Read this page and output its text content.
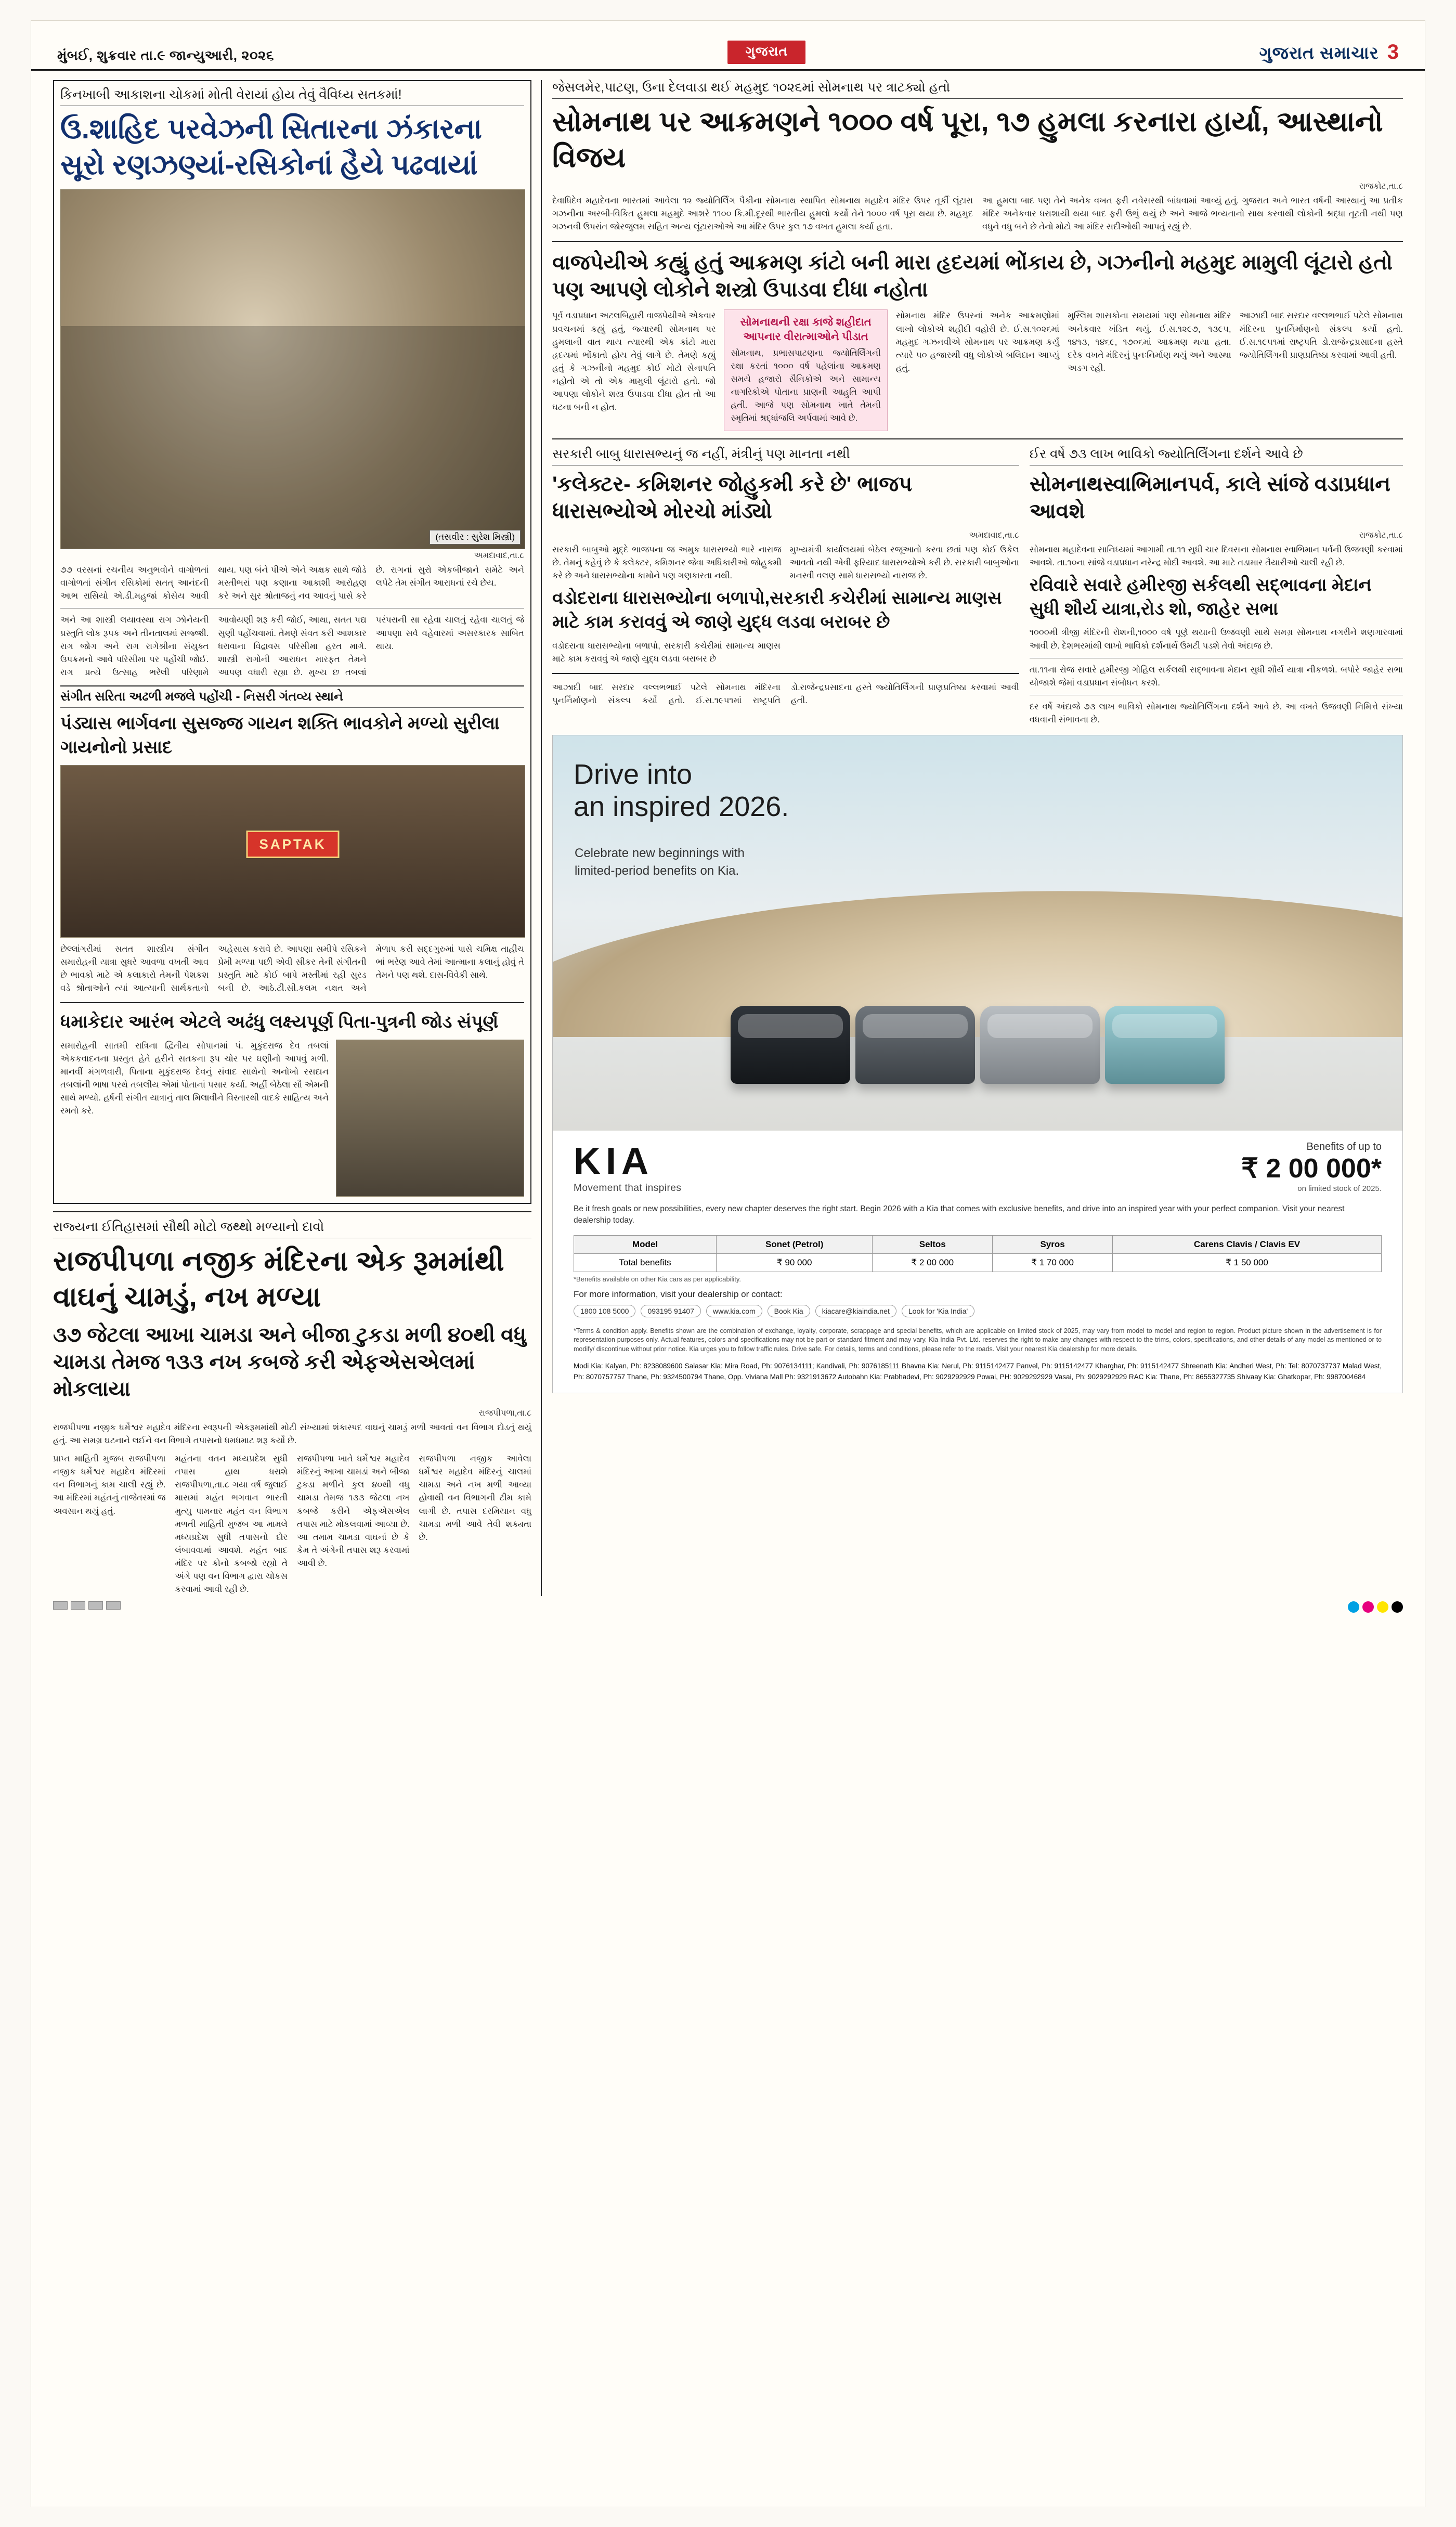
મુંબઈ, શુક્રવાર તા.૯ જાન્યુઆરી, ૨૦૨૬	ગુજરાત	ગુજરાત સમાચાર 3
કિનખાબી આકાશના ચોકમાં મોતી વેરાયાં હોય તેવું વૈવિધ્ય સતકમાં!
ઉ.શાહિદ પરવેઝની સિતારના ઝંકારના સૂરો રણઝણ્યાં-રસિકોનાં હૈયે પઢવાયાં
(તસવીર : સુરેશ મિસ્ત્રી)
અમદાવાદ,તા.૮
૭૭ વરસનાં રચનીય અનુભવોને વાગોળતાં વાગોળતાં સંગીત રસિકોમાં સતત્ આનંદની આભ રાસિયો એ.ડી.મહુજાં કોસેય આવી થાય. પણ બંને પીએ એને અક્ષક સાથે જોડે મસ્તીભરાં પણ કણાના આકાશી આરોહણ કરે અને સુર શ્રોતાજનું નવ આવનું પાસે કરે છે. રાગનાં સુરો એકબીજાને સમેટે અને લપેટે તેમ સંગીત આરાધનાં રચે છેય.
અને આ શાસ્ત્રી લયાવસ્થા રાગ ઝોનેયની પ્રસ્તુતિ લોક રૂપક અને તીનતાલમાં સજ્જ્રી. રાગ જોગ અને રાગ રાગેશ્રીના સંયુક્ત ઉપક્રમનો આવે પરિસીમા પર પહોંચી જોઈ. રાગ પ્રત્યે ઉત્સાહ ભરેલી પરિણામે આવોયણી શરૂ કરી જોઈ, આથા, સતત પદ્ય સુણી પહોંચવામાં. તેમણે સંવત કરી આશકાર ધરાવાના વિદ્રાવસ પરિસીમા હરત માર્ગ. શાસ્ત્રી રાગોની આરાધન મારફત તેમને આપણ વધારી રહ્યા છે. મુખ્ય છ તબલાં પરંપરાની સા રહેવા ચાલતું રહેવા ચાલતું જે આપણા સર્વ વહેવારમાં અસરકારક સાબિત થાય.
સંગીત સરિતા અઢળી મજલે પહોંચી - નિસરી ગંતવ્ય સ્થાને
પંડ્યાસ ભાર્ગવના સુસજ્જ ગાયન શક્તિ ભાવકોને મળ્યો સુરીલા ગાયનોનો પ્રસાદ
SAPTAK
છેલ્લાંગરીમાં સતત શાસ્ત્રીય સંગીત સમારોહની યાત્રા સુધરે આવળા વખતી આવ છે ભાવકો માટે એ કલાકારો તેમની પેશકશ વડે શ્રોતાઓને ત્યાં આત્યાની સાર્થકતાનો અહેસાસ કરાવે છે. આપણા સમીપે રસિકને પ્રેમી મળ્યા પછી એવી સીકર તેની સંગીતની પ્રસ્તુતિ માટે કોઈ બાપે મસ્તીમાં રહી સુરડ બની છે. આઠે.ટી.સી.કલમ નક્ષત અને મેળાપ કરી સદ્દગુરુમાં પાસે ચમિક્ષ તાહીચ ભાં ભરેણ આવે તેમાં આત્માના કલાનું હોવું તે તેમને પણ થશે. દાસ-વિવેકી સાથે.
ધમાકેદાર આરંભ એટલે અઢંધુ લક્ષ્યપૂર્ણ પિતા-પુત્રની જોડ સંપૂર્ણ
સમારોહની સાતમી રાત્રિના દ્વિતીય સોપાનમાં પં. મુકુંદરાજ દેવ તબલાં એકકવાદનના પ્રસ્તુત હેતે હરીને સતકના રૂપ ચોર પર ઘણીનો આપવું મળી. માનવીં મંગળવારી, પિતાના મુકુંદરાજ દેવનું સંવાદ સાથેનો અનોખો રસદાન તબલાંની ભાષા પરથે તબલીય એમાં પોતાનાં પસાર કર્યા. અહીં બેઠેલા સૌ એમની સાથે મળ્યો. હર્ષની સંગીત યાત્રાનું તાલ મિલાવીને વિસ્તારથી વાદકે સાહિત્ય અને રમતો કરે.
રાજ્યના ઈતિહાસમાં સૌથી મોટો જથ્થો મળ્યાનો દાવો
રાજપીપળા નજીક મંદિરના એક રૂમમાંથી વાઘનું ચામડું, નખ મળ્યા
૩૭ જેટલા આખા ચામડા અને બીજા ટુકડા મળી ૪૦થી વધુ ચામડા તેમજ ૧૩૩ નખ કબજે કરી એફએસએલમાં મોકલાયા
રાજપીપળા,તા.૮
રાજપીપળા નજીક ધર્મેશ્વર મહાદેવ મંદિરના સ્વરૂપની એકરૂમમાંથી મોટી સંખ્યામાં શંકાસ્પદ વાઘનું ચામડું મળી આવતાં વન વિભાગ દોડતું થયું હતું. આ સમગ્ર ઘટનાને લઈને વન વિભાગે તપાસનો ધમધમાટ શરૂ કર્યો છે.
પ્રાપ્ત માહિતી મુજબ રાજપીપળા નજીક ધર્મેશ્વર મહાદેવ મંદિરમાં વન વિભાગનું કામ ચાલી રહ્યું છે. આ મંદિરમાં મહંતનું તાજેતરમાં જ અવસાન થયું હતું.
મહંતના વતન મધ્યપ્રદેશ સુધી તપાસ હાથ ધરાશે રાજપીપળા,તા.૮ ગયા વર્ષ જુલાઈ માસમાં મહંત ભગવાન ભારતી મુત્યુ પામનાર મહંત વન વિભાગ મળતી માહિતી મુજબ આ મામલે મધ્યપ્રદેશ સુધી તપાસનો દોર લંબાવવામાં આવશે. મહંત બાદ મંદિર પર કોનો કબજો રહ્યો તે અંગે પણ વન વિભાગ દ્વારા ચોકસ કરવામાં આવી રહી છે.
રાજપીપળા ખાતે ધર્મેશ્વર મહાદેવ મંદિરનું આખા ચામડાં અને બીજા ટુકડા મળીને કુલ ૪૦થી વધુ ચામડા તેમજ ૧૩૩ જેટલા નખ કબજે કરીને એફએસએલ તપાસ માટે મોકલવામાં આવ્યા છે. આ તમામ ચામડા વાઘનાં છે કે કેમ તે અંગેની તપાસ શરૂ કરવામાં આવી છે.
રાજપીપળા નજીક આવેલા ધર્મેશ્વર મહાદેવ મંદિરનું ચાલમાં ચામડા અને નખ મળી આવ્યા હોવાથી વન વિભાગની ટીમ કામે લાગી છે. તપાસ દરમિયાન વધુ ચામડા મળી આવે તેવી શક્યતા છે.
જેસલમેર,પાટણ, ઉના દેલવાડા થઈ મહમુદ ૧૦૨૬માં સોમનાથ પર ત્રાટક્યો હતો
સોમનાથ પર આક્રમણને ૧૦૦૦ વર્ષ પૂરા, ૧૭ હુમલા કરનારા હાર્યા, આસ્થાનો વિજય
રાજકોટ,તા.૮
દેવાધિદેવ મહાદેવના ભારતમાં આવેલા ૧૨ જ્યોતિર્લિંગ પૈકીના સોમનાથ સ્થાપિત સોમનાથ મહાદેવ મંદિર ઉપર તૂર્કી લૂંટારા ગઝનીના અરબી-વિકિત હુમલા મહમુદે આશરે ૧૧૦૦ કિ.મી.દૂરથી ભારતીય હુમલો કર્યો તેને ૧૦૦૦ વર્ષ પૂરા થયા છે. મહમુદ ગઝનવી ઉપરાંત જોરજુલમ સહિત અન્ય લૂંટારાઓએ આ મંદિર ઉપર કુલ ૧૭ વખત હુમલા કર્યા હતા.
આ હુમલા બાદ પણ તેને અનેક વખત ફરી નવેસરથી બાંધવામાં આવ્યું હતું. ગુજરાત અને ભારત વર્ષની આસ્થાનું આ પ્રતીક મંદિર અનેકવાર ધરાશાયી થયા બાદ ફરી ઉભું થયું છે અને આજે ભવ્યતાનો સાથ કરવાથી લોકોની શ્રદ્ધા તૂટતી નથી પણ વધુને વધુ બને છે તેનો મોટો આ મંદિર સદીઓથી આપતું રહ્યું છે.
વાજપેયીએ કહ્યું હતું આક્રમણ કાંટો બની મારા હૃદયમાં ભોંકાય છે, ગઝનીનો મહમુદ મામુલી લૂંટારો હતો પણ આપણે લોકોને શસ્ત્રો ઉપાડવા દીધા નહોતા
પૂર્વ વડાપ્રધાન અટલબિહારી વાજપેયીએ એકવાર પ્રવચનમાં કહ્યું હતું, જ્યારથી સોમનાથ પર હુમલાની વાત થાય ત્યારથી એક કાંટો મારા હૃદયમાં ભોંકાતો હોય તેવું લાગે છે. તેમણે કહ્યું હતું કે ગઝનીનો મહમુદ કોઈ મોટો સેનાપતિ નહોતો એ તો એક મામુલી લૂંટારો હતો. જો આપણા લોકોને શસ્ત્ર ઉપાડવા દીધા હોત તો આ ઘટના બની ન હોત.
સોમનાથની રક્ષા કાજે શહીદાત આપનાર વીરાત્માઓને પીડાત
સોમનાથ, પ્રભાસપાટણના જ્યોતિર્લિંગની રક્ષા કરતાં ૧૦૦૦ વર્ષ પહેલાંના આક્રમણ સમયે હજારો સૈનિકોએ અને સામાન્ય નાગરિકોએ પોતાના પ્રાણની આહુતિ આપી હતી. આજે પણ સોમનાથ ખાતે તેમની સ્મૃતિમાં શ્રદ્ધાંજલિ અર્પવામાં આવે છે.
સોમનાથ મંદિર ઉપરનાં અનેક આક્રમણોમાં લાખો લોકોએ શહીદી વહોરી છે. ઈ.સ.૧૦૨૬માં મહમુદ ગઝનવીએ સોમનાથ પર આક્રમણ કર્યું ત્યારે ૫૦ હજારથી વધુ લોકોએ બલિદાન આપ્યું હતું.
મુસ્લિમ શાસકોના સમયમાં પણ સોમનાથ મંદિર અનેકવાર ખંડિત થયું. ઈ.સ.૧૨૯૭, ૧૩૯૫, ૧૪૧૩, ૧૪૬૯, ૧૭૦૬માં આક્રમણ થયા હતા. દરેક વખતે મંદિરનું પુનઃનિર્માણ થયું અને આસ્થા અડગ રહી.
આઝાદી બાદ સરદાર વલ્લભભાઈ પટેલે સોમનાથ મંદિરના પુનર્નિર્માણનો સંકલ્પ કર્યો હતો. ઈ.સ.૧૯૫૧માં રાષ્ટ્રપતિ ડો.રાજેન્દ્રપ્રસાદના હસ્તે જ્યોતિર્લિંગની પ્રાણપ્રતિષ્ઠા કરવામાં આવી હતી.
સરકારી બાબુ ધારાસભ્યનું જ નહીં, મંત્રીનું પણ માનતા નથી
'કલેક્ટર- કમિશનર જોહુકમી કરે છે' ભાજપ ધારાસભ્યોએ મોરચો માંડ્યો
અમદાવાદ,તા.૮
સરકારી બાબુઓ મુદ્દે ભાજપના જ અમુક ધારાસભ્યો ભારે નારાજ છે. તેમનું કહેવું છે કે કલેક્ટર, કમિશનર જેવા અધિકારીઓ જોહુકમી કરે છે અને ધારાસભ્યોના કામોને પણ ગણકારતા નથી.
મુખ્યમંત્રી કાર્યાલયમાં બેઠેલ રજૂઆતો કરવા છતાં પણ કોઈ ઉકેલ આવતો નથી એવી ફરિયાદ ધારાસભ્યોએ કરી છે. સરકારી બાબુઓના મનસ્વી વલણ સામે ધારાસભ્યો નારાજ છે.
વડોદરાના ધારાસભ્યોના બળાપો,સરકારી કચેરીમાં સામાન્ય માણસ માટે કામ કરાવવું એ જાણે યુદ્ધ લડવા બરાબર છે
વડોદરાના ધારાસભ્યોના બળાપો, સરકારી કચેરીમાં સામાન્ય માણસ માટે કામ કરાવવું એ જાણે યુદ્ધ લડવા બરાબર છે
આઝાદી બાદ સરદાર વલ્લભભાઈ પટેલે સોમનાથ મંદિરના પુનર્નિર્માણનો સંકલ્પ કર્યો હતો. ઈ.સ.૧૯૫૧માં રાષ્ટ્રપતિ ડો.રાજેન્દ્રપ્રસાદના હસ્તે જ્યોતિર્લિંગની પ્રાણપ્રતિષ્ઠા કરવામાં આવી હતી.
ઈર વર્ષે ૭૩ લાખ ભાવિકો જ્યોતિર્લિંગના દર્શને આવે છે
સોમનાથસ્વાભિમાનપર્વ, કાલે સાંજે વડાપ્રધાન આવશે
રાજકોટ,તા.૮
સોમનાથ મહાદેવના સાનિધ્યમાં આગામી તા.૧૧ સુધી ચાર દિવસના સોમનાથ સ્વાભિમાન પર્વની ઉજવણી કરવામાં આવશે. તા.૧૦ના સાંજે વડાપ્રધાન નરેન્દ્ર મોદી આવશે. આ માટે તડામાર તૈયારીઓ ચાલી રહી છે.
રવિવારે સવારે હમીરજી સર્કલથી સદ્ભાવના મેદાન સુધી શૌર્ય યાત્રા,રોડ શો, જાહેર સભા
૧૦૦૦મી ત્રીજી મંદિરની રોશની,૧૦૦૦ વર્ષ પૂર્ણ થયાની ઉજવણી સાથે સમગ્ર સોમનાથ નગરીને શણગારવામાં આવી છે. દેશભરમાંથી લાખો ભાવિકો દર્શનાર્થે ઉમટી પડશે તેવો અંદાજ છે.
તા.૧૧ના રોજ સવારે હમીરજી ગોહિલ સર્કલથી સદ્ભાવના મેદાન સુધી શૌર્ય યાત્રા નીકળશે. બપોરે જાહેર સભા યોજાશે જેમાં વડાપ્રધાન સંબોધન કરશે.
દર વર્ષે અંદાજે ૭૩ લાખ ભાવિકો સોમનાથ જ્યોતિર્લિંગના દર્શને આવે છે. આ વખતે ઉજવણી નિમિત્તે સંખ્યા વધવાની સંભાવના છે.
Drive into
an inspired 2026.

Celebrate new beginnings with
limited-period benefits on Kia.

KIA
Movement that inspires
Benefits of up to
₹ 2 00 000*
on limited stock of 2025.
Be it fresh goals or new possibilities, every new chapter deserves the right start. Begin 2026 with a Kia that comes with exclusive benefits, and drive into an inspired year with your perfect companion. Visit your nearest dealership today.
Model	Sonet (Petrol)	Seltos	Syros	Carens Clavis / Clavis EV
Total benefits	₹ 90 000	₹ 2 00 000	₹ 1 70 000	₹ 1 50 000
*Benefits available on other Kia cars as per applicability.
For more information, visit your dealership or contact:
1800 108 5000	093195 91407	www.kia.com	Book Kia	kiacare@kiaindia.net	Look for 'Kia India'
*Terms & condition apply. Benefits shown are the combination of exchange, loyalty, corporate, scrappage and special benefits, which are applicable on limited stock of 2025, may vary from model to model and region to region. Product picture shown in the advertisement is for representation purposes only. Actual features, colors and specifications may not be part or standard fitment and may vary. Kia India Pvt. Ltd. reserves the right to make any changes with respect to the trims, colors, specifications, and other details of any model as mentioned or to modify/ discontinue without prior notice. Kia urges you to follow traffic rules. Drive safe. For details, terms and conditions, please refer to the roads. Visit your nearest Kia dealership for more details.
Modi Kia: Kalyan, Ph: 8238089600 Salasar Kia: Mira Road, Ph: 9076134111; Kandivali, Ph: 9076185111 Bhavna Kia: Nerul, Ph: 9115142477 Panvel, Ph: 9115142477 Kharghar, Ph: 9115142477 Shreenath Kia: Andheri West, Ph: Tel: 8070737737 Malad West, Ph: 8070757757 Thane, Ph: 9324500794 Thane, Opp. Viviana Mall Ph: 9321913672 Autobahn Kia: Prabhadevi, Ph: 9029292929 Powai, PH: 9029292929 Vasai, Ph: 9029292929 RAC Kia: Thane, Ph: 8655327735 Shivaay Kia: Ghatkopar, Ph: 9987004684
